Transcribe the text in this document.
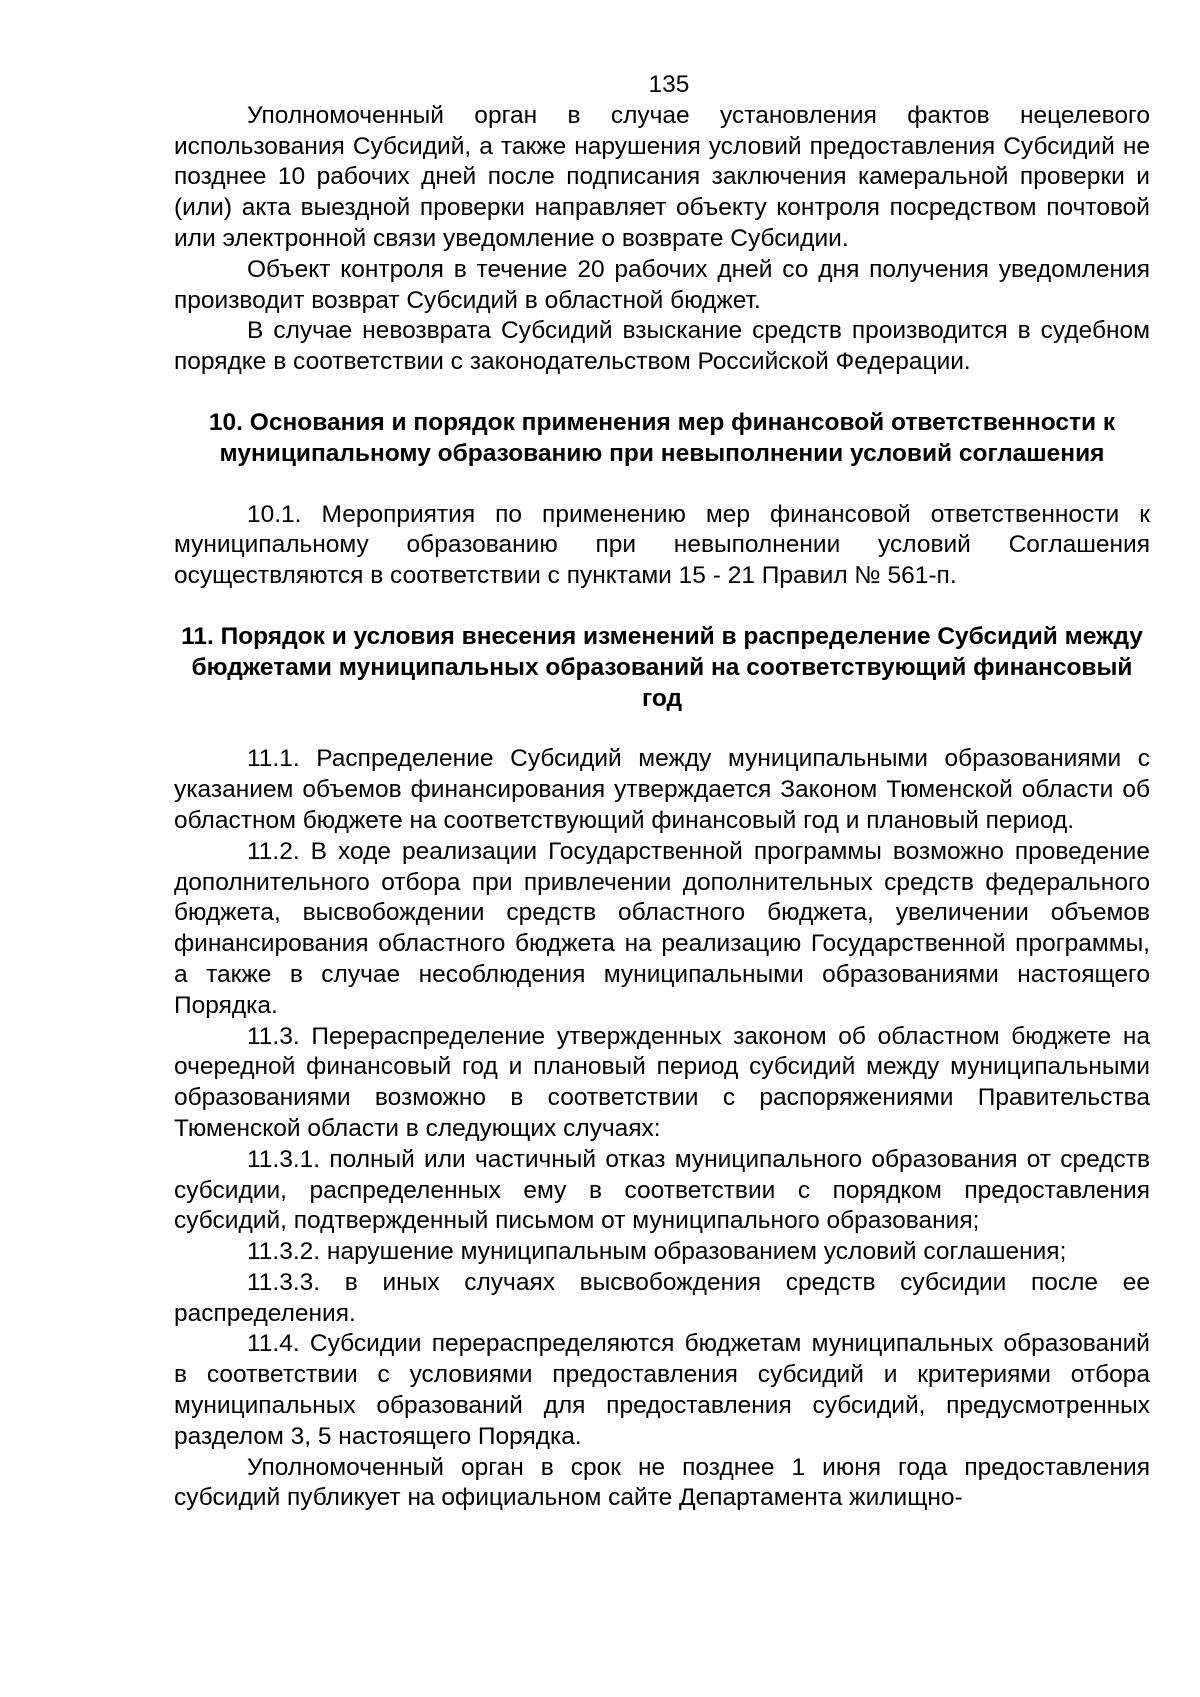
135

Уполномоченный орган в случае установления фактов нецелевого использования Субсидий, а также нарушения условий предоставления Субсидий не позднее 10 рабочих дней после подписания заключения камеральной проверки и (или) акта выездной проверки направляет объекту контроля посредством почтовой или электронной связи уведомление о возврате Субсидии.

Объект контроля в течение 20 рабочих дней со дня получения уведомления производит возврат Субсидий в областной бюджет.

В случае невозврата Субсидий взыскание средств производится в судебном порядке в соответствии с законодательством Российской Федерации.

10. Основания и порядок применения мер финансовой ответственности к муниципальному образованию при невыполнении условий соглашения

10.1. Мероприятия по применению мер финансовой ответственности к муниципальному образованию при невыполнении условий Соглашения осуществляются в соответствии с пунктами 15 - 21 Правил № 561-п.

11. Порядок и условия внесения изменений в распределение Субсидий между бюджетами муниципальных образований на соответствующий финансовый год

11.1. Распределение Субсидий между муниципальными образованиями с указанием объемов финансирования утверждается Законом Тюменской области об областном бюджете на соответствующий финансовый год и плановый период.

11.2. В ходе реализации Государственной программы возможно проведение дополнительного отбора при привлечении дополнительных средств федерального бюджета, высвобождении средств областного бюджета, увеличении объемов финансирования областного бюджета на реализацию Государственной программы, а также в случае несоблюдения муниципальными образованиями настоящего Порядка.

11.3. Перераспределение утвержденных законом об областном бюджете на очередной финансовый год и плановый период субсидий между муниципальными образованиями возможно в соответствии с распоряжениями Правительства Тюменской области в следующих случаях:

11.3.1. полный или частичный отказ муниципального образования от средств субсидии, распределенных ему в соответствии с порядком предоставления субсидий, подтвержденный письмом от муниципального образования;

11.3.2. нарушение муниципальным образованием условий соглашения;

11.3.3. в иных случаях высвобождения средств субсидии после ее распределения.

11.4. Субсидии перераспределяются бюджетам муниципальных образований в соответствии с условиями предоставления субсидий и критериями отбора муниципальных образований для предоставления субсидий, предусмотренных разделом 3, 5 настоящего Порядка.

Уполномоченный орган в срок не позднее 1 июня года предоставления субсидий публикует на официальном сайте Департамента жилищно-
